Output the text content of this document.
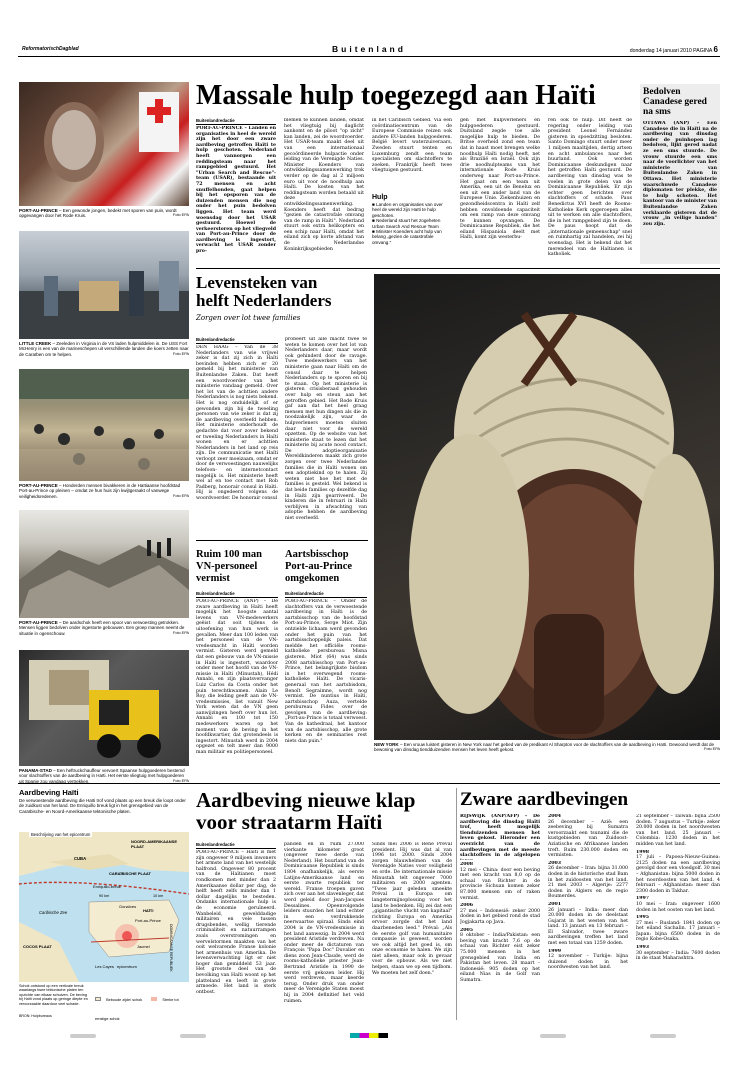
ReformatorischDagblad	Buitenland	donderdag 14 januari 2010 PAGINA 6
PORT-AU-PRINCE – Een gewonde jongen, bedekt met sporen van puin, wordt opgevangen door het Rode Kruis.	Foto EPA
LITTLE CREEK – Zeeleden in Virginia in de VS laden hulpmiddelen in. De USS Fort McHenry is een van de marineschepen uit verschillende landen die koers zetten naar de Caraïben om te helpen.	Foto EPA
PORT-AU-PRINCE – Honderden mensen bivakkeren in de Haïtiaanse hoofdstad Port-au-Prince op pleinen – omdat ze hun huis zijn kwijtgeraakt of vanwege veiligheidsredenen.	Foto EPA
PORT-AU-PRINCE – De aardschok heeft een spoor van verwoesting getrokken. Mensen liggen bedolven onder ingestorte gebouwen. Een groep mannen neemt de situatie in ogenschouw.	Foto EPA
PANAMA-STAD – Een heftruckchauffeur vervoert Spaanse hulpgoederen bestemd voor slachtoffers van de aardbeving in Haïti. Het eerste vliegtuig met hulpgoederen uit Spanje zou vandaag vertrekken.	Foto EPA
Massale hulp toegezegd aan Haïti
Buitenlandredactie
PORT-AU-PRINCE – Landen en organisaties in heel de wereld zijn het door een zware aardbeving getroffen Haïti te hulp geschoten. Nederland heeft vannorgen een reddingsteam naar het rampgebied gestuurd. Het "Urban Search and Rescue"-team (USAR), bestaande uit 72 mensen en acht snuffelhonden, gaat helpen bij het opsporen van de duizenden mensen die nog onder het puin bedolven liggen. Het team werd woensdag door het USAR gestuurd. Hoewel de verkeerstoren op het vliegveld van Port-au-Prince door de aardbeving is ingestort, verwacht het USAR zonder pro-
blemen te kunnen landen, omdat het vliegtuig bij daglicht aankomt en de piloot "op zicht" kan landen, zei de woordvoerder. Het USAR-team maakt deel uit van een internationaal gecoördineerde hulpactie onder leiding van de Verenigde Naties. Minister Koenders van ontwikkelingssamenwerking trok verder op de dag al 2 miljoen euro uit voor de noodhulp aan Haïti. De kosten van het reddingsteam worden betaald uit deze ontwikkelingssamenwerking. Koenders heeft dat bedrag "gezien de catastrofale omvang van de ramp in Haïti". Nederland stuurt ook extra helikopters en een schip naar Haïti, omdat het eiland zich op korte afstand van de Nederlandse Koninkrijksgebieden
in het Caribisch Gebied. Via een coördinatiecentrum van de Europese Commissie reizen ook andere EU-landen hulpgoederen. België levert waterzuiveraars, Zweden stuurt tenten en Luxemburg zendt een team specialisten om slachtoffers te zoeken. Frankrijk heeft twee vliegtuigen gestuurd.
Hulp
■ Landen en organisaties van over heel de wereld zijn Haïti te hulp geschoten.
■ Nederland stuurt het zogeheten Urban Search And Rescue Team
■ Minister Koenders acht hulp van belang „gezien de catastrofale omvang."
gen met hulpverleners en hulpgoederen gestuurd. Duitsland zegde toe alle mogelijke hulp te bieden. De Britse overheid zond een team dat in haast moet brengen welke noodhulp Haïti nodig heeft, net als Brazilië en Israël. Ook zijn drie noodhulpteams van het internationale Rode Kruis onderweg naar Port-au-Prince. Het gaat om een team uit Amerika, een uit de Benelux en een uit een ander land van de Europese Unie. Ziekenhuizen en gezondheidscentra in Haïti zelf hebben onvoldoende capaciteit om een ramp van deze omvang te kunnen opvangen. De Dominicaanse Republiek, die het eiland Hispaniola deelt met Haïti, komt zijn westerbu-
ren ook te hulp. Dit heeft de regering onder leiding van president Leonel Fernández gisteren in spoedzitting besloten. Santo Domingo stuurt onder meer 1 miljoen maaltijden, dertig artsen en acht ambulances naar het buurland. Ook worden Dominicaanse deskundigen naar het getroffen Haïti gestuurd. De aardbeving van dinsdag was te voelen in grote delen van de Dominicaanse Republiek. Er zijn echter geen berichten over slachtoffers of schade. Paus Benedictus XVI heeft de Rooms-Katholieke Kerk opgeroepen alles uit te werken om alle slachtoffers, die in het rampgebied zijn te doen. De paus hoopt dat de „internationale gemeenschap" snel en ruimhartig zal handelen, zei hij woensdag. Het is bekend dat het merendeel van de Haïtianen is katholiek.
Bedolven Canadese gered na sms
OTTAWA (ANP) – Een Canadese die in Haïti na de aardbeving van dinsdag onder de puinhopen lag bedolven, lijkt gered nadat ze een sms stuurde. De vrouw stuurde een sms naar de voorlichter van het ministerie van Buitenlandse Zaken in Ottawa. Het ministerie waarschuwde Canadese diplomaten ter plekke, die te hulp schoten. Het kantoor van de minister van Buitenlandse Zaken verklaarde gisteren dat de vrouw „in veilige handen" zou zijn.
Levensteken van
helft Nederlanders
Zorgen over lot twee families
Buitenlandredactie
DEN HAAG – Van de 38 Nederlanders van wie vrijwel zeker is dat zij zich in Haïti bevinden hebben zich er 20 gemeld bij het ministerie van Buitenlandse Zaken. Dat heeft een woordvoerder van het ministerie vandaag gemeld. Over het lot van de achttien andere Nederlanders is nog niets bekend. Het is nog onduidelijk of er gewonden zijn bij de tweeling personen van wie zeker is dat zij de aardbeving overleefd hebben. Het ministerie onderhoudt de gedachte dat voor zover bekend er tweeling Nederlanders in Haïti wonen en er achttien Nederlanders in het land op reis zijn. De communicatie met Haïti verloopt zeer moeizaam, omdat er door de verwoestingen nauwelijks telefoon- en internetcontact mogelijk is. Het ministerie heeft wel af en toe contact met Rob Padberg, honorair consul in Haïti. Hij is ongedeerd volgens de woordvoerder. De honorair consul
probeert uit alle macht twee te weten te komen over het lot van Nederlanders daar, maar wordt ook gehinderd door de ravage. Twee medewerkers van het ministerie gaan naar Haïti om de consul daar te helpen Nederlanders op te sporen en bij te staan. Op het ministerie is gisteren crisisberaad gehouden over hulp en steun aan het getroffen gebied. Het Rode Kruis gaf aan dat het heel graag mensen met hun dingen als die in noodzakelijk zijn, waar de hulpverleners moeten sluiten daar niet voor de wereld opzetten. Op de website van het ministerie staat te lezen dat het ministerie bij acute nood contact. De adoptieorganisatie Wereldkinderen maakt zich grote zorgen over twee Nederlandse families die in Haïti wonen om een adoptiekind op te halen. Zij weten niet hoe het met de families is gesteld. Wel bekend is dat beide families op dezelfde dag in Haïti zijn gearriveerd. De kinderen die in februari in Haïti verblijven in afwachting van adoptie hebben de aardbeving niet overleefd.
NEW YORK – Een vrouw luistert gisteren in New York naar het gebed van de predikant Al Sharpton voor de slachtoffers van de aardbeving in Haïti. Gewoond werdt dat de bewoning van dinsdag tiendduizenden mensen het leven heeft gekost.	Foto EPA
Ruim 100 man
VN-personeel
vermist
Buitenlandredactie
PORT-AU-PRINCE (ANP) – De zware aardbeving in Haïti heeft mogelijk het hoogste aantal levens van VN-medewerkers geëist dat ooit tijdens de uitoefening van hun werk is gevallen. Meer dan 100 leden van het personeel van de VN-vredesmacht in Haïti worden vermist. Gisteren werd gemeld dat een gebouw van de VN-missie in Haïti is ingestort, waardoor onder meer het hoofd van de VN-missie in Haïti (Minustah), Hédi Annabi, en zijn plaatsvervanger Luiz Carlos da Costa onder het puin terechtkwamen. Alain Le Roy, die leiding geeft aan de VN-vredesmissies, liet vanuit New York weten dat de VN geen aanwijzingen heeft over hun lot. Annabi en 100 tot 150 medewerkers waren op het moment van de beving in het hoofdkwartier, dat grotendeels is ingestort. Minustah werd in 2004 opgezet en telt meer dan 9000 man militair en politiepersoneel.
Aartsbisschop
Port-au-Prince
omgekomen
Buitenlandredactie
PORT-AU-PRINCE – Onder de slachtoffers van de verwoestende aardbeving in Haïti is de aartsbisschop van de hoofdstad Port-au-Prince, Serge Miot. Zijn ontzielde lichaam werd gevonden onder het puin van het aartsbisschoppelijk paleis. Dat meldde het officiële rooms-katholieke persbureau Misna gisteren. Miot (64) was sinds 2008 aartsbisschop van Port-au-Prince, het belangrijkste bisdom in het overwegend rooms-katholieke Haïti. De vicaris-generaal van het aartsbisdom, Benoît Segraimne, wordt nog vermist. De nuntius in Haïti, aartsbisschop Auza, vertelde persbureau Fides over de gevolgen van de aardbeving: „Port-au-Prince is totaal verwoest. Van de kathedraal, het kantoor van de aartsbisschop, alle grote kerken en de seminaries rest niets dan puin."
Aardbeving Haïti
De verwoestende aardbeving die Haïti trof vond plaats op een breuk die loopt onder de zuidkust van het land. De Enriquillo breuk ligt in het grensgebied van de Caraïbische- en Noord-Amerikaanse tektonische platen.
Beschrijving van het epicentrum
NOORD-AMERIKAANSE PLAAT
CARAÏBISCHE PLAAT
CUBA
COCOS PLAAT
Caribische Zee
Enriquillo-breuk
Port-au-Prince
Jacmel
Gonaïves
Les Cayes epicentrum
90 km	10 km
DOMINICAANSE REPUBLIEK
HAÏTI
Schok ontstond op een verticale breuk waarlangs twee tektonische platen ten opzichte van elkaar schuiven. De beving bij Haïti vond plaats op geringe diepte en veroorzaakte daardoor veel schade.
BRON: Hulpbureaus
Beboude zijde/ schok	Sterke tot ernstige schok
Aardbeving nieuwe klap
voor straatarm Haïti
Buitenlandredactie
PORT-AU-PRINCE – Haïti is met zijn ongeveer 9 miljoen inwoners het armste land van het westelijk halfrond. Ongeveer 80 procent van de Haïtianen moet rondkomen met minder dan 2 Amerikaanse dollar per dag, de helft heeft zelfs minder dan 1 dollar dagelijks te besteden. Ondanks internationale hulp is de economie geruïneerd. Wanbeleid, gewelddadige militairen en vele tussen drugsbendes, wellig tierende criminaliteit en natuurrampen zoals overstromingen en wervelstormen maakten van het ooit welvarende Franse kolonie het armenhuis van Amerika. De levensverwachting ligt er niet hoger dan gemiddeld 53 jaar. Het grootste deel van de bevolking van Haïti woont op het platteland en leeft in grote armoede. Het land is sterk ontbost.
panden en in ruim 27.000 vierkante kilometer groot (ongeveer twee derde van Nederland). Het buurland van de Dominicaanse Republiek is sinds 1804 onafhankelijk, als eerste Latijns-Amerikaanse land en eerste zwarte republiek ter wereld. Franse troepen gaven zich over aan het slavenleger, dat werd geleid door Jean-Jacques Dessalines. Opeenvolgende leiders stuurden het land echter in een verdrukkende neerwaartse spiraal. Sinds eind 2004 is de VN-vredesmissie in het land aanwezig. In 2004 werd president Aristide verdreven. Na onder meer de dictaturen van François "Papa Doc" Duvalier en diens zoon Jean-Claude, werd de rooms-katholieke priester Jean-Bertrand Aristide in 1990 de eerste vrij gekozen leider. Hij werd verdreven, maar keerde terug. Onder druk van onder meer de Verenigde Staten moest hij in 2004 definitief het veld ruimen.
Sinds mei 2006 is René Préval president. Hij was dat al van 1996 tot 2000. Sinds 2004 zorgen blauwhelmen van de Verenigde Naties voor veiligheid en orde. De internationale missie Minustah telt ongeveer 7000 militairen en 2000 agenten. "Twee jaar geleden smeekte Préval in Europa om langetermijnoplossing voor het land te bedenken. Hij zei dat een „gigantische vlucht van kapitaal" richting Europa en Amerika ervoor zorgde dat het land daarbeneden leed." Préval: „Als de eerste golf van humanitaire compassie is geweest, worden we ook altijd het goed is, om onze economie te halen. We zijn niet alleen, maar ook in gevaar voor de opbouw. Als we niet helpen, staan we op een tijdbom. We moeten het zelf doen."
Zware aardbevingen
RIJSWIJK (ANP/AFP) – De aardbeving die dinsdag Haïti trof, heeft mogelijk tienduizenden mensen het leven gekost. Hieronder een overzicht van de aardbevingen met de meeste slachtoffers in de afgelopen
2008
12 mei – China: door een beving met een kracht van 8,0 op de schaal van Richter in de provincie Sichuan komen zeker 87.000 mensen om of raken vermist.
2006
27 mei – Indonesië: zeker 2000 doden in het gebied rond de stad Jogjakarta op Java.
2005
8 oktober – India/Pakistan: een beving van kracht 7,6 op de schaal van Richter eist zeker 75.000 mensen in het grensgebied van India en Pakistan het leven. 28 maart – Indonesië: 905 doden op het eiland Nias in de Golf van Sumatra.
2004
26 december – Azië: een zeebeving bij Sumatra veroorzaakt een tsunami die de kustgebieden van Zuidoost-Aziatische en Afrikaanse landen treft. Ruim 230.000 doden en vermisten.
2003
26 december – Iran: bijna 31.000 doden in de historische stad Bam in het zuidoosten van het land. 21 mei 2003 – Algerije: 2277 doden in Algiers en de regio Boumerdes.
2001
26 januari – India: meer dan 20.000 doden in de deelstaat Gujarat in het westen van het land. 13 januari en 13 februari – El Salvador, twee zware aardbevingen treffen het land met een totaal van 1259 doden.
1999
12 november – Turkije: bijna duizend doden in het noordwesten van het land.
21 september – Taiwan: bijna 2500 doden. 7 augustus – Turkije: zeker 20.000 doden in het noordwesten van het land. 25 januari – Colombia: 1230 doden in het midden van het land.
1998
17 juli – Papoea-Nieuw-Guinea: 2125 doden na een aardbeving gevolgd door een vloedgolf. 30 mei – Afghanistan: bijna 5000 doden in het noordoosten van het land. 4 februari – Afghanistan: meer dan 2300 doden in Takhar.
1997
10 mei – Iran: ongeveer 1600 doden in het oosten van het land.
1995
27 mei – Rusland: 1841 doden op het eiland Sachalin. 17 januari – Japan: bijna 6500 doden in de regio Kobe-Osaka.
1993
30 september – India: 7600 doden in de staat Maharashtra.
